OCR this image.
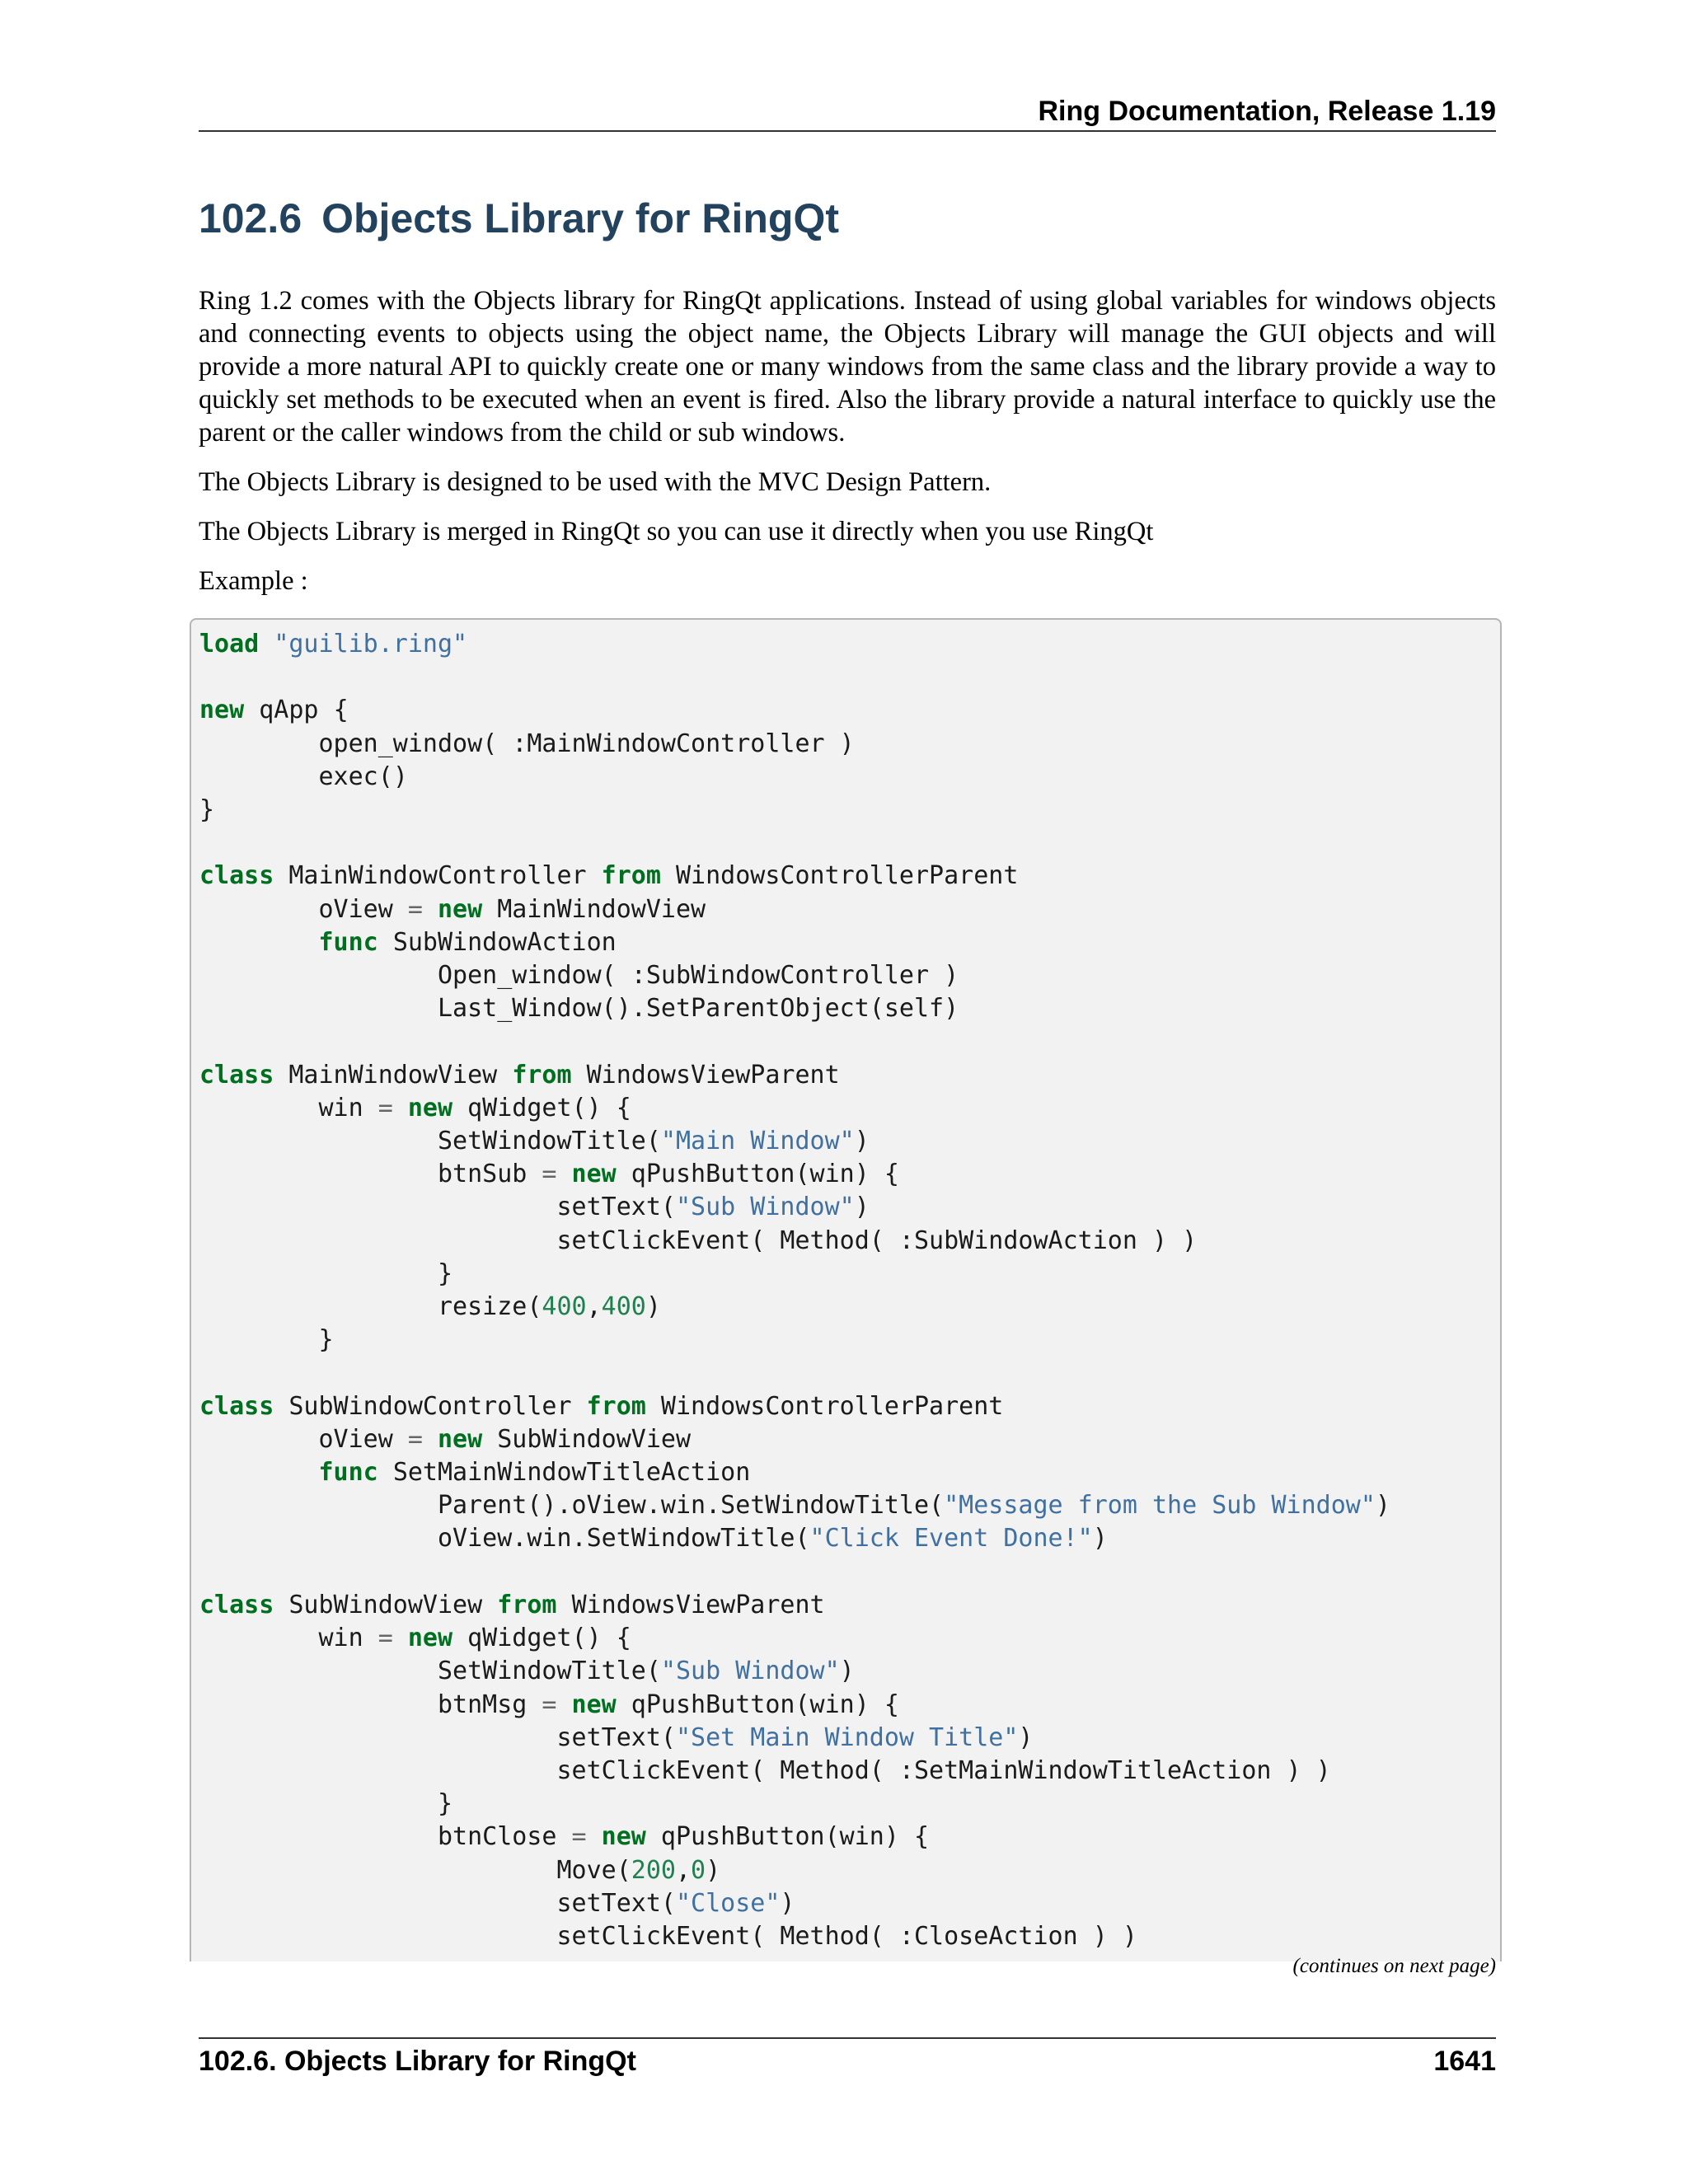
Ring Documentation, Release 1.19
102.6 Objects Library for RingQt

Ring 1.2 comes with the Objects library for RingQt applications. Instead of using global variables for windows objects and connecting events to objects using the object name, the Objects Library will manage the GUI objects and will provide a more natural API to quickly create one or many windows from the same class and the library provide a way to quickly set methods to be executed when an event is fired. Also the library provide a natural interface to quickly use the parent or the caller windows from the child or sub windows.

The Objects Library is designed to be used with the MVC Design Pattern.

The Objects Library is merged in RingQt so you can use it directly when you use RingQt

Example :

load "guilib.ring"

new qApp {
	open_window( :MainWindowController )
	exec()
}

class MainWindowController from WindowsControllerParent
	oView = new MainWindowView
	func SubWindowAction
		Open_window( :SubWindowController )
		Last_Window().SetParentObject(self)

class MainWindowView from WindowsViewParent
	win = new qWidget() {
		SetWindowTitle("Main Window")
		btnSub = new qPushButton(win) {
			setText("Sub Window")
			setClickEvent( Method( :SubWindowAction ) )
		}
		resize(400,400)
	}

class SubWindowController from WindowsControllerParent
	oView = new SubWindowView
	func SetMainWindowTitleAction
		Parent().oView.win.SetWindowTitle("Message from the Sub Window")
		oView.win.SetWindowTitle("Click Event Done!")

class SubWindowView from WindowsViewParent
	win = new qWidget() {
		SetWindowTitle("Sub Window")
		btnMsg = new qPushButton(win) {
			setText("Set Main Window Title")
			setClickEvent( Method( :SetMainWindowTitleAction ) )
		}
		btnClose = new qPushButton(win) {
			Move(200,0)
			setText("Close")
			setClickEvent( Method( :CloseAction ) )

(continues on next page)
102.6. Objects Library for RingQt	1641
